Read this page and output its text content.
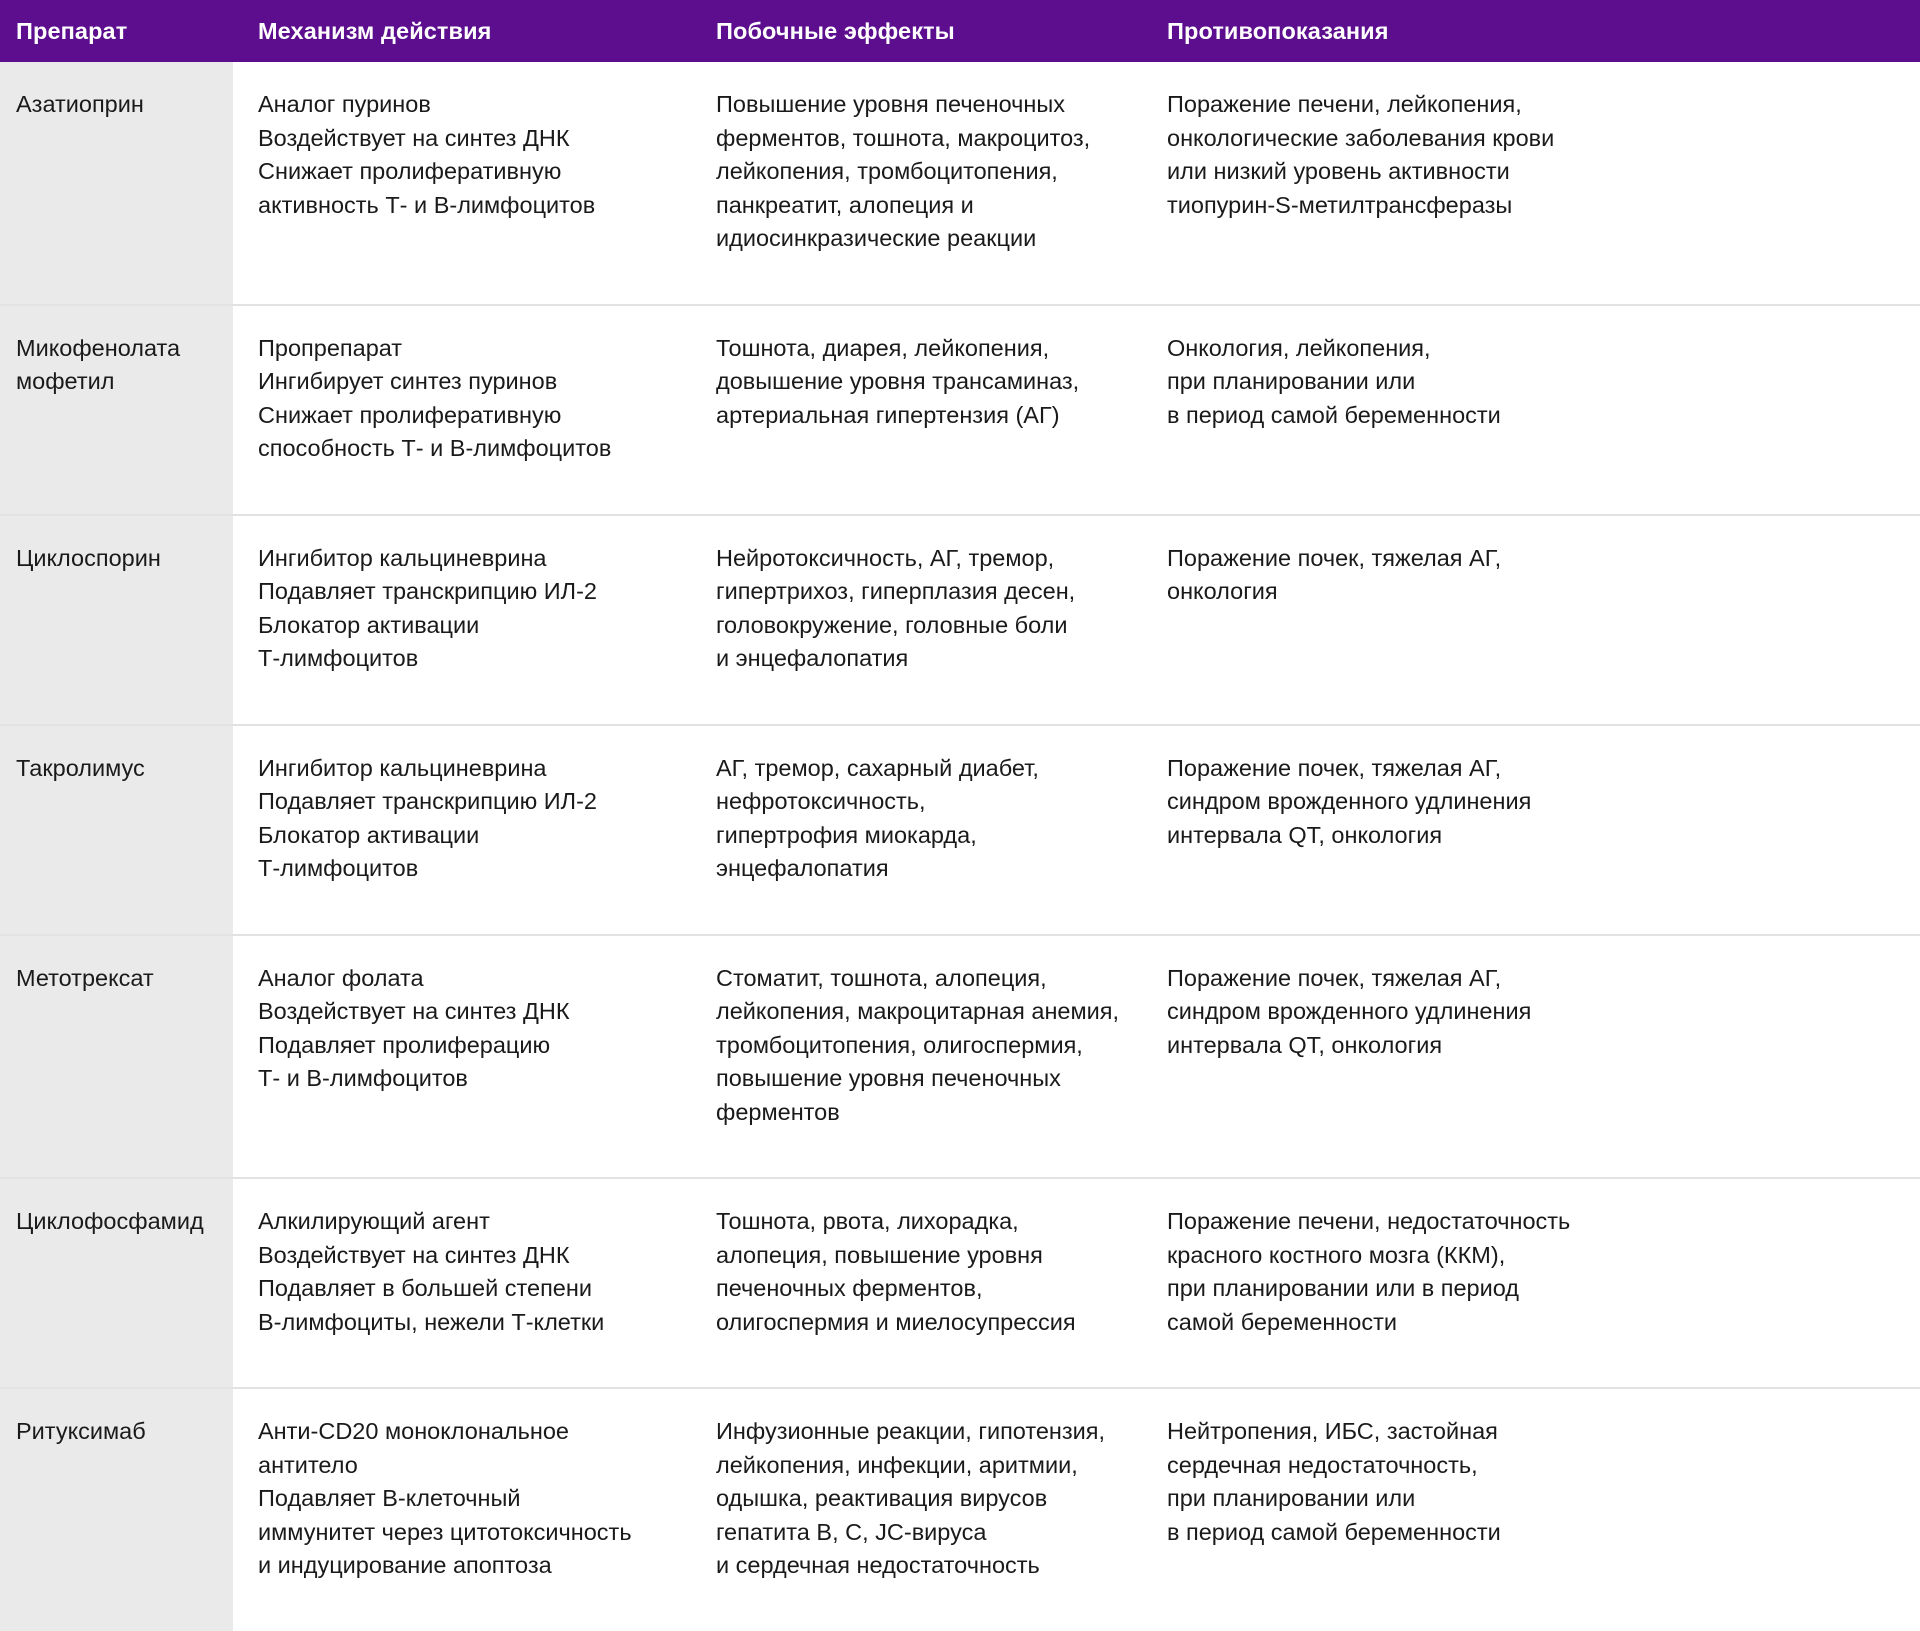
Препарат	Механизм действия	Побочные эффекты	Противопоказания

Азатиоприн	Аналог пуринов
Воздействует на синтез ДНК
Снижает пролиферативную
активность Т- и В-лимфоцитов	Повышение уровня печеночных
ферментов, тошнота, макроцитоз,
лейкопения, тромбоцитопения,
панкреатит, алопеция и
идиосинкразические реакции	Поражение печени, лейкопения,
онкологические заболевания крови
или низкий уровень активности
тиопурин-S-метилтрансферазы

Микофенолата
мофетил	Пропрепарат
Ингибирует синтез пуринов
Снижает пролиферативную
способность Т- и В-лимфоцитов	Тошнота, диарея, лейкопения,
довышение уровня трансаминаз,
артериальная гипертензия (АГ)	Онкология, лейкопения,
при планировании или
в период самой беременности

Циклоспорин	Ингибитор кальциневрина
Подавляет транскрипцию ИЛ-2
Блокатор активации
Т-лимфоцитов	Нейротоксичность, АГ, тремор,
гипертрихоз, гиперплазия десен,
головокружение, головные боли
и энцефалопатия	Поражение почек, тяжелая АГ,
онкология

Такролимус	Ингибитор кальциневрина
Подавляет транскрипцию ИЛ-2
Блокатор активации
Т-лимфоцитов	АГ, тремор, сахарный диабет,
нефротоксичность,
гипертрофия миокарда,
энцефалопатия	Поражение почек, тяжелая АГ,
синдром врожденного удлинения
интервала QT, онкология

Метотрексат	Аналог фолата
Воздействует на синтез ДНК
Подавляет пролиферацию
Т- и В-лимфоцитов	Стоматит, тошнота, алопеция,
лейкопения, макроцитарная анемия,
тромбоцитопения, олигоспермия,
повышение уровня печеночных
ферментов	Поражение почек, тяжелая АГ,
синдром врожденного удлинения
интервала QT, онкология

Циклофосфамид	Алкилирующий агент
Воздействует на синтез ДНК
Подавляет в большей степени
В-лимфоциты, нежели Т-клетки	Тошнота, рвота, лихорадка,
алопеция, повышение уровня
печеночных ферментов,
олигоспермия и миелосупрессия	Поражение печени, недостаточность
красного костного мозга (ККМ),
при планировании или в период
самой беременности

Ритуксимаб	Анти-CD20 моноклональное
антитело
Подавляет В-клеточный
иммунитет через цитотоксичность
и индуцирование апоптоза	Инфузионные реакции, гипотензия,
лейкопения, инфекции, аритмии,
одышка, реактивация вирусов
гепатита B, C, JC-вируса
и сердечная недостаточность	Нейтропения, ИБС, застойная
сердечная недостаточность,
при планировании или
в период самой беременности
